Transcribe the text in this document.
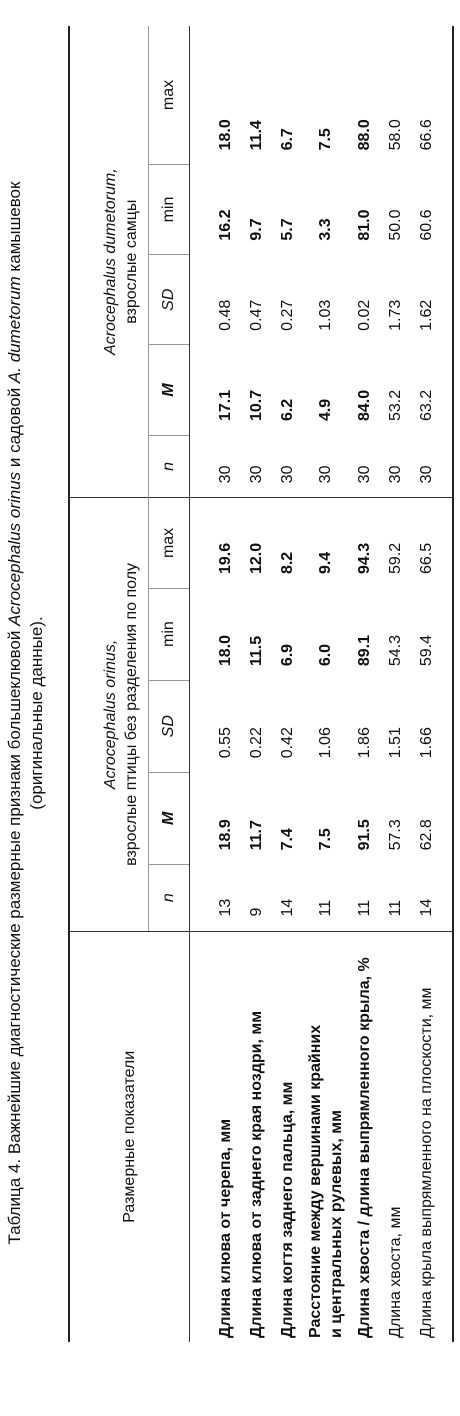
Таблица 4. Важнейшие диагностические размерные признаки большеклювой Acrocephalus orinus и садовой A. dumetorum камышевок
(оригинальные данные).
Размерные показатели	Acrocephalus orinus, взрослые птицы без разделения по полу					Acrocephalus dumetorum, взрослые самцы				
	n	M	SD	min	max	n	M	SD	min	max
Длина клюва от черепа, мм	13	18.9	0.55	18.0	19.6	30	17.1	0.48	16.2	18.0
Длина клюва от заднего края ноздри, мм	9	11.7	0.22	11.5	12.0	30	10.7	0.47	9.7	11.4
Длина когтя заднего пальца, мм	14	7.4	0.42	6.9	8.2	30	6.2	0.27	5.7	6.7
Расстояние между вершинами крайних и центральных рулевых, мм	11	7.5	1.06	6.0	9.4	30	4.9	1.03	3.3	7.5
Длина хвоста / длина выпрямленного крыла, %	11	91.5	1.86	89.1	94.3	30	84.0	0.02	81.0	88.0
Длина хвоста, мм	11	57.3	1.51	54.3	59.2	30	53.2	1.73	50.0	58.0
Длина крыла выпрямленного на плоскости, мм	14	62.8	1.66	59.4	66.5	30	63.2	1.62	60.6	66.6
